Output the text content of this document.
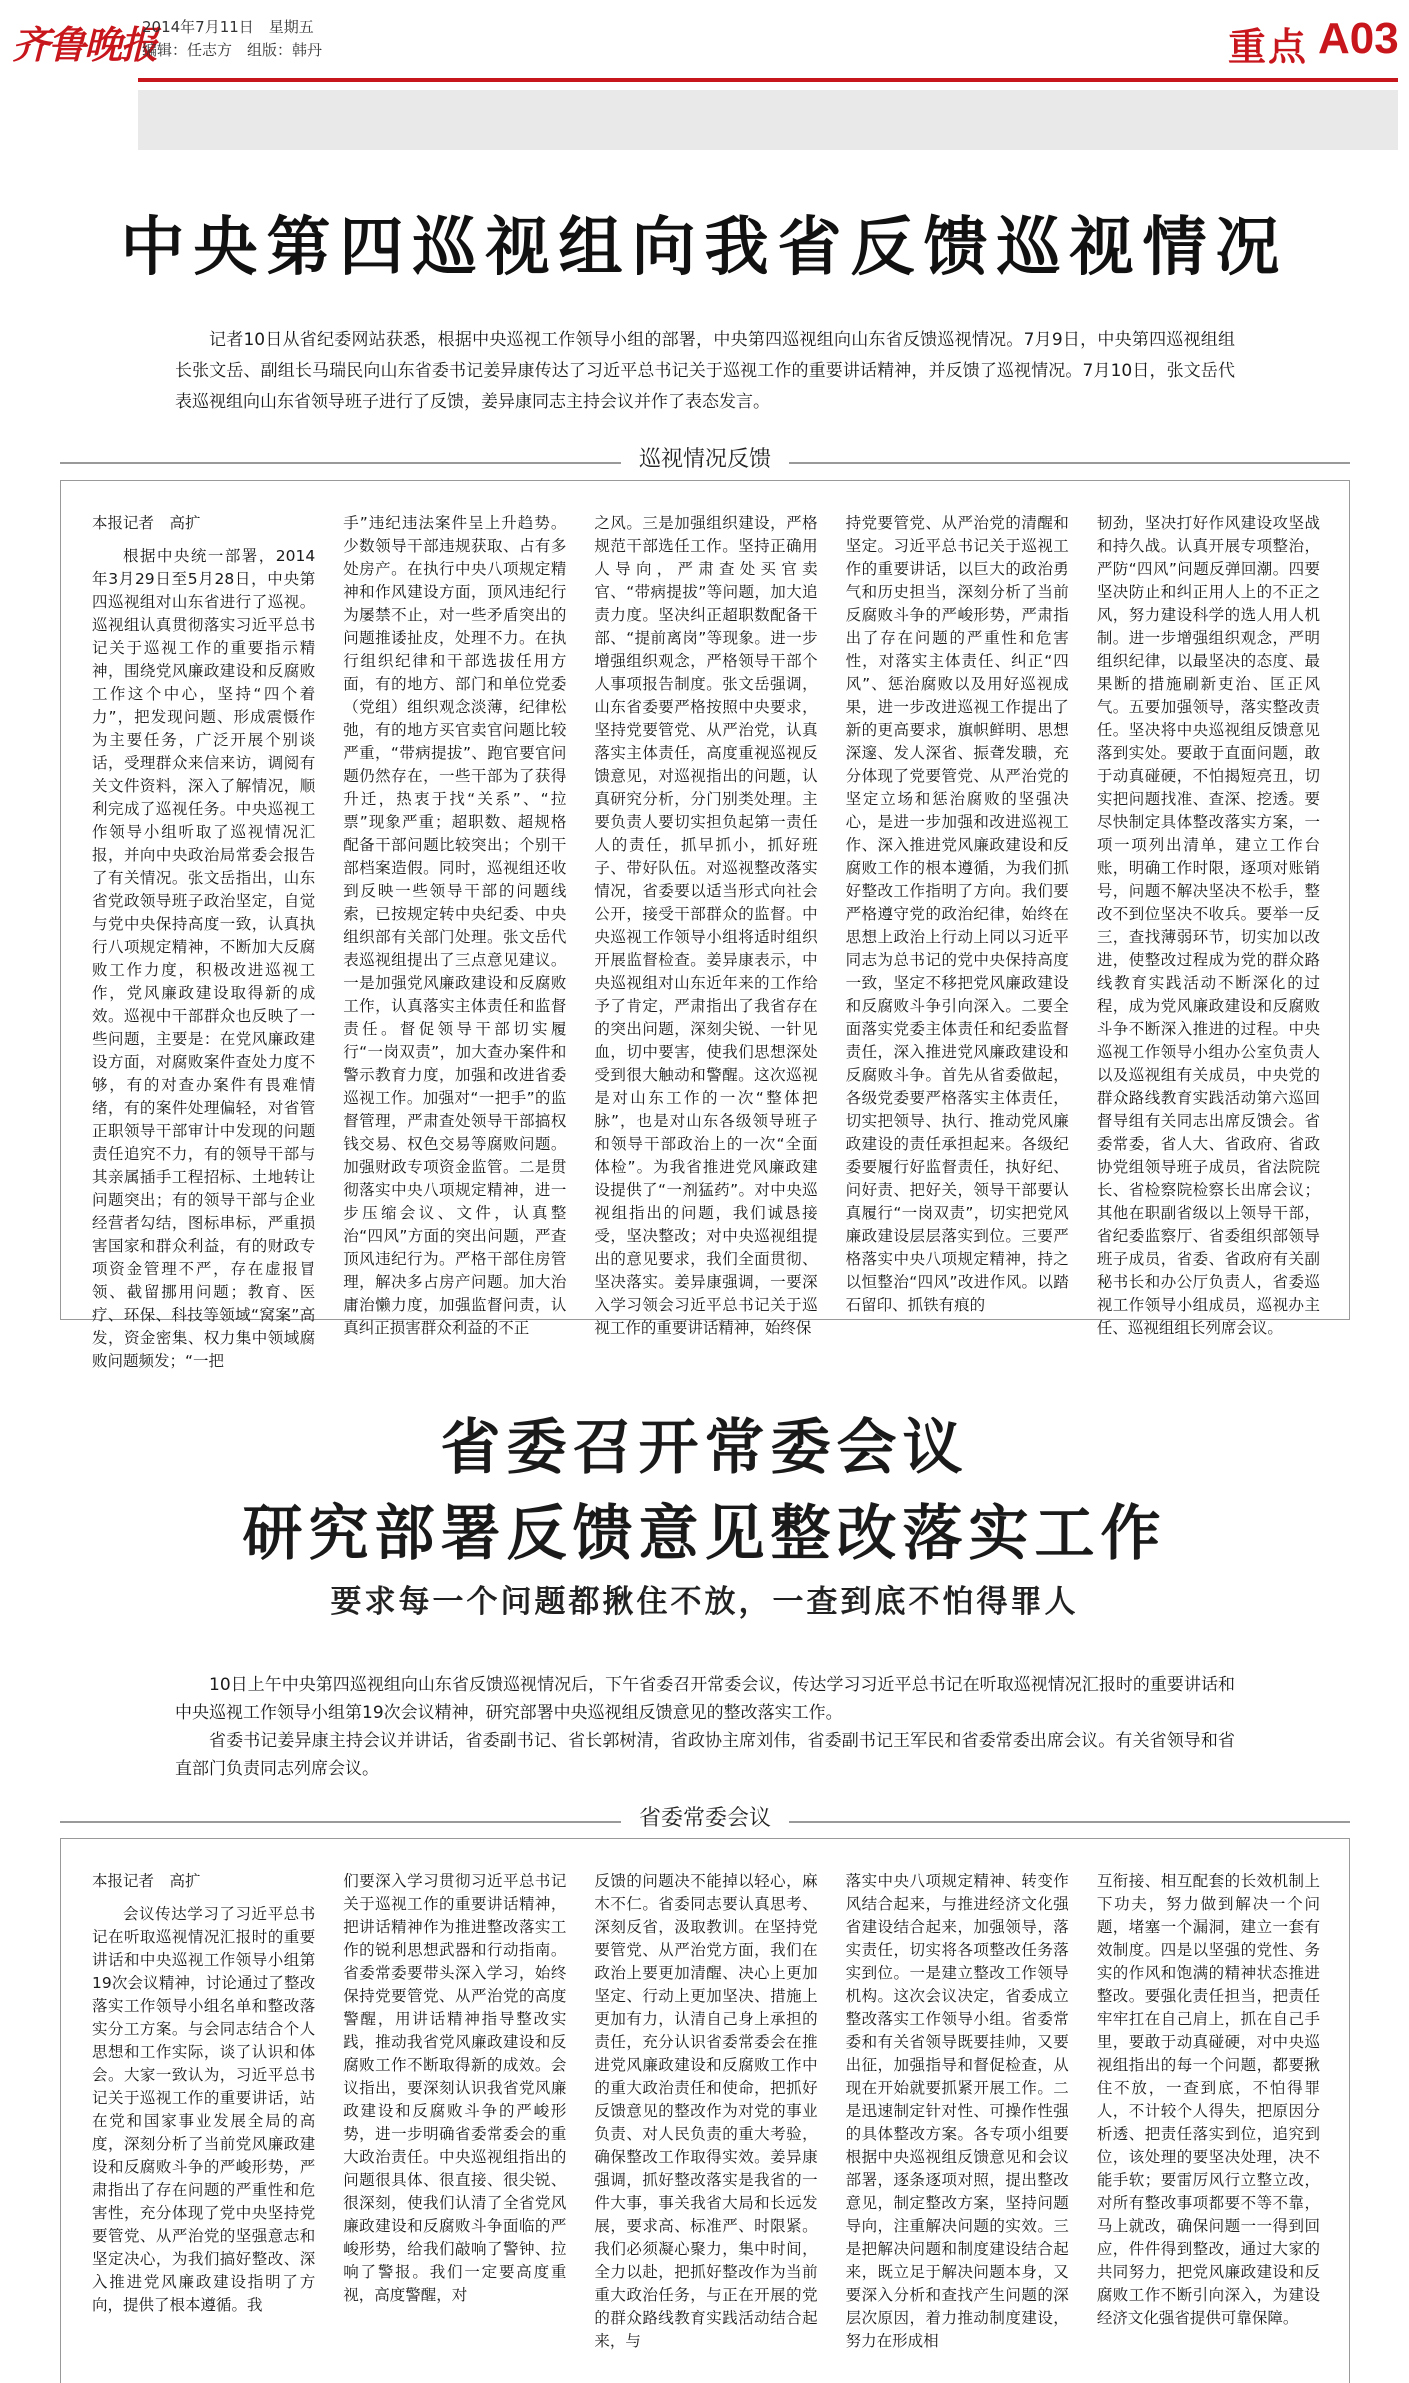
齐鲁晚报
2014年7月11日　星期五
编辑：任志方　组版：韩丹	重点 A03
中央第四巡视组向我省反馈巡视情况

记者10日从省纪委网站获悉，根据中央巡视工作领导小组的部署，中央第四巡视组向山东省反馈巡视情况。7月9日，中央第四巡视组组长张文岳、副组长马瑞民向山东省委书记姜异康传达了习近平总书记关于巡视工作的重要讲话精神，并反馈了巡视情况。7月10日，张文岳代表巡视组向山东省领导班子进行了反馈，姜异康同志主持会议并作了表态发言。

巡视情况反馈

本报记者　高扩

根据中央统一部署，2014年3月29日至5月28日，中央第四巡视组对山东省进行了巡视。巡视组认真贯彻落实习近平总书记关于巡视工作的重要指示精神，围绕党风廉政建设和反腐败工作这个中心，坚持“四个着力”，把发现问题、形成震慑作为主要任务，广泛开展个别谈话，受理群众来信来访，调阅有关文件资料，深入了解情况，顺利完成了巡视任务。中央巡视工作领导小组听取了巡视情况汇报，并向中央政治局常委会报告了有关情况。张文岳指出，山东省党政领导班子政治坚定，自觉与党中央保持高度一致，认真执行八项规定精神，不断加大反腐败工作力度，积极改进巡视工作，党风廉政建设取得新的成效。巡视中干部群众也反映了一些问题，主要是：在党风廉政建设方面，对腐败案件查处力度不够，有的对查办案件有畏难情绪，有的案件处理偏轻，对省管正职领导干部审计中发现的问题责任追究不力，有的领导干部与其亲属插手工程招标、土地转让问题突出；有的领导干部与企业经营者勾结，图标串标，严重损害国家和群众利益，有的财政专项资金管理不严，存在虚报冒领、截留挪用问题；教育、医疗、环保、科技等领域“窝案”高发，资金密集、权力集中领域腐败问题频发；“一把

手”违纪违法案件呈上升趋势。少数领导干部违规获取、占有多处房产。在执行中央八项规定精神和作风建设方面，顶风违纪行为屡禁不止，对一些矛盾突出的问题推诿扯皮，处理不力。在执行组织纪律和干部选拔任用方面，有的地方、部门和单位党委（党组）组织观念淡薄，纪律松弛，有的地方买官卖官问题比较严重，“带病提拔”、跑官要官问题仍然存在，一些干部为了获得升迁，热衷于找“关系”、“拉票”现象严重；超职数、超规格配备干部问题比较突出；个别干部档案造假。同时，巡视组还收到反映一些领导干部的问题线索，已按规定转中央纪委、中央组织部有关部门处理。张文岳代表巡视组提出了三点意见建议。一是加强党风廉政建设和反腐败工作，认真落实主体责任和监督责任。督促领导干部切实履行“一岗双责”，加大查办案件和警示教育力度，加强和改进省委巡视工作。加强对“一把手”的监督管理，严肃查处领导干部搞权钱交易、权色交易等腐败问题。加强财政专项资金监管。二是贯彻落实中央八项规定精神，进一步压缩会议、文件，认真整治“四风”方面的突出问题，严查顶风违纪行为。严格干部住房管理，解决多占房产问题。加大治庸治懒力度，加强监督问责，认真纠正损害群众利益的不正

之风。三是加强组织建设，严格规范干部选任工作。坚持正确用人导向，严肃查处买官卖官、“带病提拔”等问题，加大追责力度。坚决纠正超职数配备干部、“提前离岗”等现象。进一步增强组织观念，严格领导干部个人事项报告制度。张文岳强调，山东省委要严格按照中央要求，坚持党要管党、从严治党，认真落实主体责任，高度重视巡视反馈意见，对巡视指出的问题，认真研究分析，分门别类处理。主要负责人要切实担负起第一责任人的责任，抓早抓小，抓好班子、带好队伍。对巡视整改落实情况，省委要以适当形式向社会公开，接受干部群众的监督。中央巡视工作领导小组将适时组织开展监督检查。姜异康表示，中央巡视组对山东近年来的工作给予了肯定，严肃指出了我省存在的突出问题，深刻尖锐、一针见血，切中要害，使我们思想深处受到很大触动和警醒。这次巡视是对山东工作的一次“整体把脉”，也是对山东各级领导班子和领导干部政治上的一次“全面体检”。为我省推进党风廉政建设提供了“一剂猛药”。对中央巡视组指出的问题，我们诚恳接受，坚决整改；对中央巡视组提出的意见要求，我们全面贯彻、坚决落实。姜异康强调，一要深入学习领会习近平总书记关于巡视工作的重要讲话精神，始终保

持党要管党、从严治党的清醒和坚定。习近平总书记关于巡视工作的重要讲话，以巨大的政治勇气和历史担当，深刻分析了当前反腐败斗争的严峻形势，严肃指出了存在问题的严重性和危害性，对落实主体责任、纠正“四风”、惩治腐败以及用好巡视成果，进一步改进巡视工作提出了新的更高要求，旗帜鲜明、思想深邃、发人深省、振聋发聩，充分体现了党要管党、从严治党的坚定立场和惩治腐败的坚强决心，是进一步加强和改进巡视工作、深入推进党风廉政建设和反腐败工作的根本遵循，为我们抓好整改工作指明了方向。我们要严格遵守党的政治纪律，始终在思想上政治上行动上同以习近平同志为总书记的党中央保持高度一致，坚定不移把党风廉政建设和反腐败斗争引向深入。二要全面落实党委主体责任和纪委监督责任，深入推进党风廉政建设和反腐败斗争。首先从省委做起，各级党委要严格落实主体责任，切实把领导、执行、推动党风廉政建设的责任承担起来。各级纪委要履行好监督责任，执好纪、问好责、把好关，领导干部要认真履行“一岗双责”，切实把党风廉政建设层层落实到位。三要严格落实中央八项规定精神，持之以恒整治“四风”改进作风。以踏石留印、抓铁有痕的

韧劲，坚决打好作风建设攻坚战和持久战。认真开展专项整治，严防“四风”问题反弹回潮。四要坚决防止和纠正用人上的不正之风，努力建设科学的选人用人机制。进一步增强组织观念，严明组织纪律，以最坚决的态度、最果断的措施刷新吏治、匡正风气。五要加强领导，落实整改责任。坚决将中央巡视组反馈意见落到实处。要敢于直面问题，敢于动真碰硬，不怕揭短亮丑，切实把问题找准、查深、挖透。要尽快制定具体整改落实方案，一项一项列出清单，建立工作台账，明确工作时限，逐项对账销号，问题不解决坚决不松手，整改不到位坚决不收兵。要举一反三，查找薄弱环节，切实加以改进，使整改过程成为党的群众路线教育实践活动不断深化的过程，成为党风廉政建设和反腐败斗争不断深入推进的过程。中央巡视工作领导小组办公室负责人以及巡视组有关成员，中央党的群众路线教育实践活动第六巡回督导组有关同志出席反馈会。省委常委，省人大、省政府、省政协党组领导班子成员，省法院院长、省检察院检察长出席会议；其他在职副省级以上领导干部，省纪委监察厅、省委组织部领导班子成员，省委、省政府有关副秘书长和办公厅负责人，省委巡视工作领导小组成员，巡视办主任、巡视组组长列席会议。

省委召开常委会议
研究部署反馈意见整改落实工作
要求每一个问题都揪住不放，一查到底不怕得罪人

10日上午中央第四巡视组向山东省反馈巡视情况后，下午省委召开常委会议，传达学习习近平总书记在听取巡视情况汇报时的重要讲话和中央巡视工作领导小组第19次会议精神，研究部署中央巡视组反馈意见的整改落实工作。

省委书记姜异康主持会议并讲话，省委副书记、省长郭树清，省政协主席刘伟，省委副书记王军民和省委常委出席会议。有关省领导和省直部门负责同志列席会议。

省委常委会议

本报记者　高扩

会议传达学习了习近平总书记在听取巡视情况汇报时的重要讲话和中央巡视工作领导小组第19次会议精神，讨论通过了整改落实工作领导小组名单和整改落实分工方案。与会同志结合个人思想和工作实际，谈了认识和体会。大家一致认为，习近平总书记关于巡视工作的重要讲话，站在党和国家事业发展全局的高度，深刻分析了当前党风廉政建设和反腐败斗争的严峻形势，严肃指出了存在问题的严重性和危害性，充分体现了党中央坚持党要管党、从严治党的坚强意志和坚定决心，为我们搞好整改、深入推进党风廉政建设指明了方向，提供了根本遵循。我

们要深入学习贯彻习近平总书记关于巡视工作的重要讲话精神，把讲话精神作为推进整改落实工作的锐利思想武器和行动指南。省委常委要带头深入学习，始终保持党要管党、从严治党的高度警醒，用讲话精神指导整改实践，推动我省党风廉政建设和反腐败工作不断取得新的成效。会议指出，要深刻认识我省党风廉政建设和反腐败斗争的严峻形势，进一步明确省委常委会的重大政治责任。中央巡视组指出的问题很具体、很直接、很尖锐、很深刻，使我们认清了全省党风廉政建设和反腐败斗争面临的严峻形势，给我们敲响了警钟、拉响了警报。我们一定要高度重视，高度警醒，对

反馈的问题决不能掉以轻心，麻木不仁。省委同志要认真思考、深刻反省，汲取教训。在坚持党要管党、从严治党方面，我们在政治上要更加清醒、决心上更加坚定、行动上更加坚决、措施上更加有力，认清自己身上承担的责任，充分认识省委常委会在推进党风廉政建设和反腐败工作中的重大政治责任和使命，把抓好反馈意见的整改作为对党的事业负责、对人民负责的重大考验，确保整改工作取得实效。姜异康强调，抓好整改落实是我省的一件大事，事关我省大局和长远发展，要求高、标准严、时限紧。我们必须凝心聚力，集中时间，全力以赴，把抓好整改作为当前重大政治任务，与正在开展的党的群众路线教育实践活动结合起来，与

落实中央八项规定精神、转变作风结合起来，与推进经济文化强省建设结合起来，加强领导，落实责任，切实将各项整改任务落实到位。一是建立整改工作领导机构。这次会议决定，省委成立整改落实工作领导小组。省委常委和有关省领导既要挂帅，又要出征，加强指导和督促检查，从现在开始就要抓紧开展工作。二是迅速制定针对性、可操作性强的具体整改方案。各专项小组要根据中央巡视组反馈意见和会议部署，逐条逐项对照，提出整改意见，制定整改方案，坚持问题导向，注重解决问题的实效。三是把解决问题和制度建设结合起来，既立足于解决问题本身，又要深入分析和查找产生问题的深层次原因，着力推动制度建设，努力在形成相

互衔接、相互配套的长效机制上下功夫，努力做到解决一个问题，堵塞一个漏洞，建立一套有效制度。四是以坚强的党性、务实的作风和饱满的精神状态推进整改。要强化责任担当，把责任牢牢扛在自己肩上，抓在自己手里，要敢于动真碰硬，对中央巡视组指出的每一个问题，都要揪住不放，一查到底，不怕得罪人，不计较个人得失，把原因分析透、把责任落实到位，追究到位，该处理的要坚决处理，决不能手软；要雷厉风行立整立改，对所有整改事项都要不等不靠，马上就改，确保问题一一得到回应，件件得到整改，通过大家的共同努力，把党风廉政建设和反腐败工作不断引向深入，为建设经济文化强省提供可靠保障。
